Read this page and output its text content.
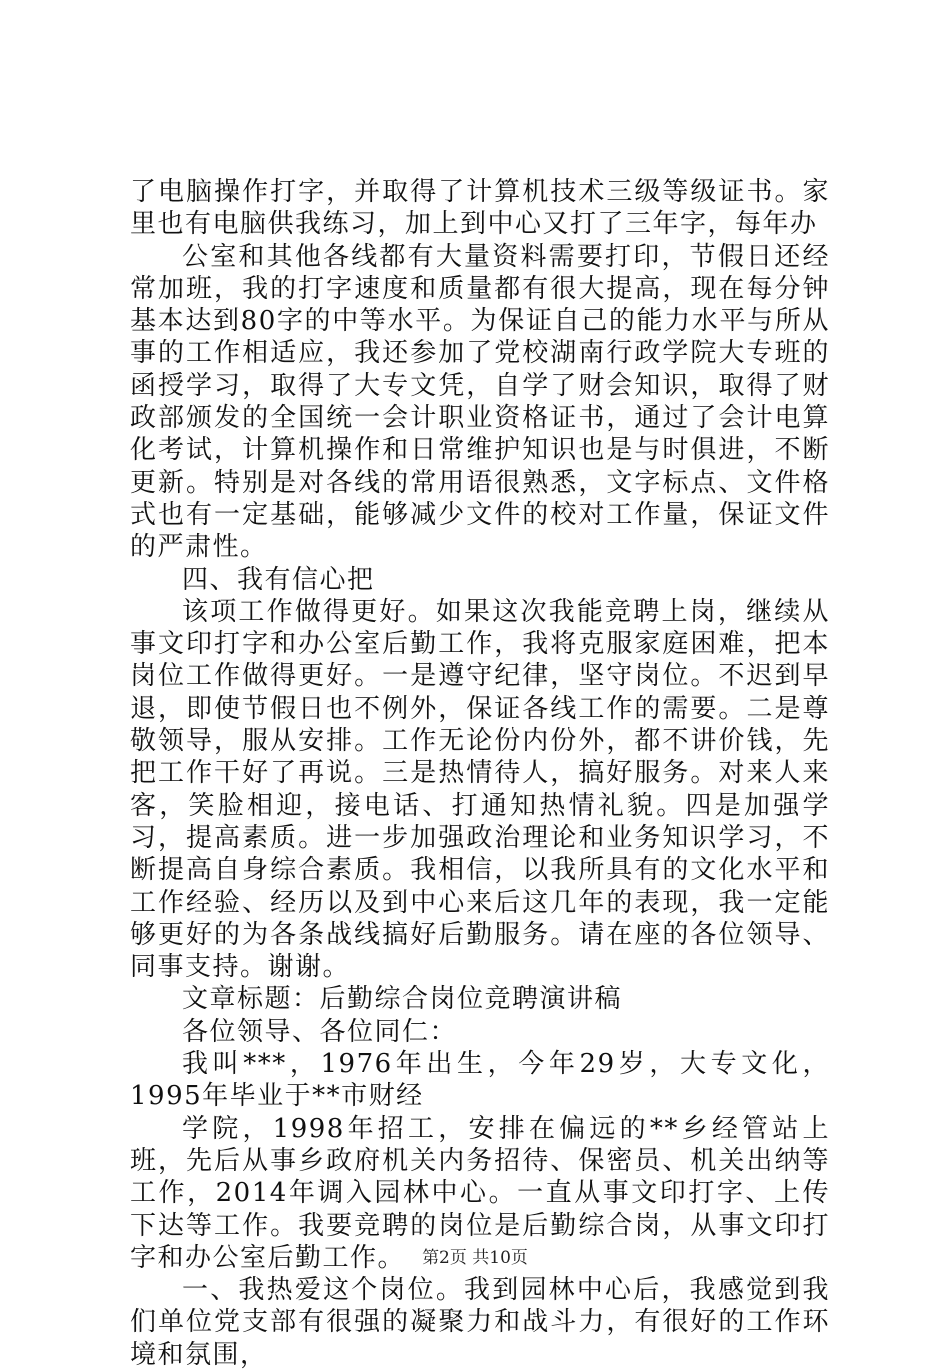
了电脑操作打字，并取得了计算机技术三级等级证书。家里也有电脑供我练习，加上到中心又打了三年字，每年办

公室和其他各线都有大量资料需要打印，节假日还经常加班，我的打字速度和质量都有很大提高，现在每分钟基本达到80字的中等水平。为保证自己的能力水平与所从事的工作相适应，我还参加了党校湖南行政学院大专班的函授学习，取得了大专文凭，自学了财会知识，取得了财政部颁发的全国统一会计职业资格证书，通过了会计电算化考试，计算机操作和日常维护知识也是与时俱进，不断更新。特别是对各线的常用语很熟悉，文字标点、文件格式也有一定基础，能够减少文件的校对工作量，保证文件的严肃性。

四、我有信心把

该项工作做得更好。如果这次我能竞聘上岗，继续从事文印打字和办公室后勤工作，我将克服家庭困难，把本岗位工作做得更好。一是遵守纪律，坚守岗位。不迟到早退，即使节假日也不例外，保证各线工作的需要。二是尊敬领导，服从安排。工作无论份内份外，都不讲价钱，先把工作干好了再说。三是热情待人，搞好服务。对来人来客，笑脸相迎，接电话、打通知热情礼貌。四是加强学习，提高素质。进一步加强政治理论和业务知识学习，不断提高自身综合素质。我相信，以我所具有的文化水平和工作经验、经历以及到中心来后这几年的表现，我一定能够更好的为各条战线搞好后勤服务。请在座的各位领导、同事支持。谢谢。

文章标题：后勤综合岗位竞聘演讲稿

各位领导、各位同仁：

我叫***，1976年出生，今年29岁，大专文化，1995年毕业于**市财经

学院，1998年招工，安排在偏远的**乡经管站上班，先后从事乡政府机关内务招待、保密员、机关出纳等工作，2014年调入园林中心。一直从事文印打字、上传下达等工作。我要竞聘的岗位是后勤综合岗，从事文印打字和办公室后勤工作。

一、我热爱这个岗位。我到园林中心后，我感觉到我们单位党支部有很强的凝聚力和战斗力，有很好的工作环境和氛围，

第2页 共10页
